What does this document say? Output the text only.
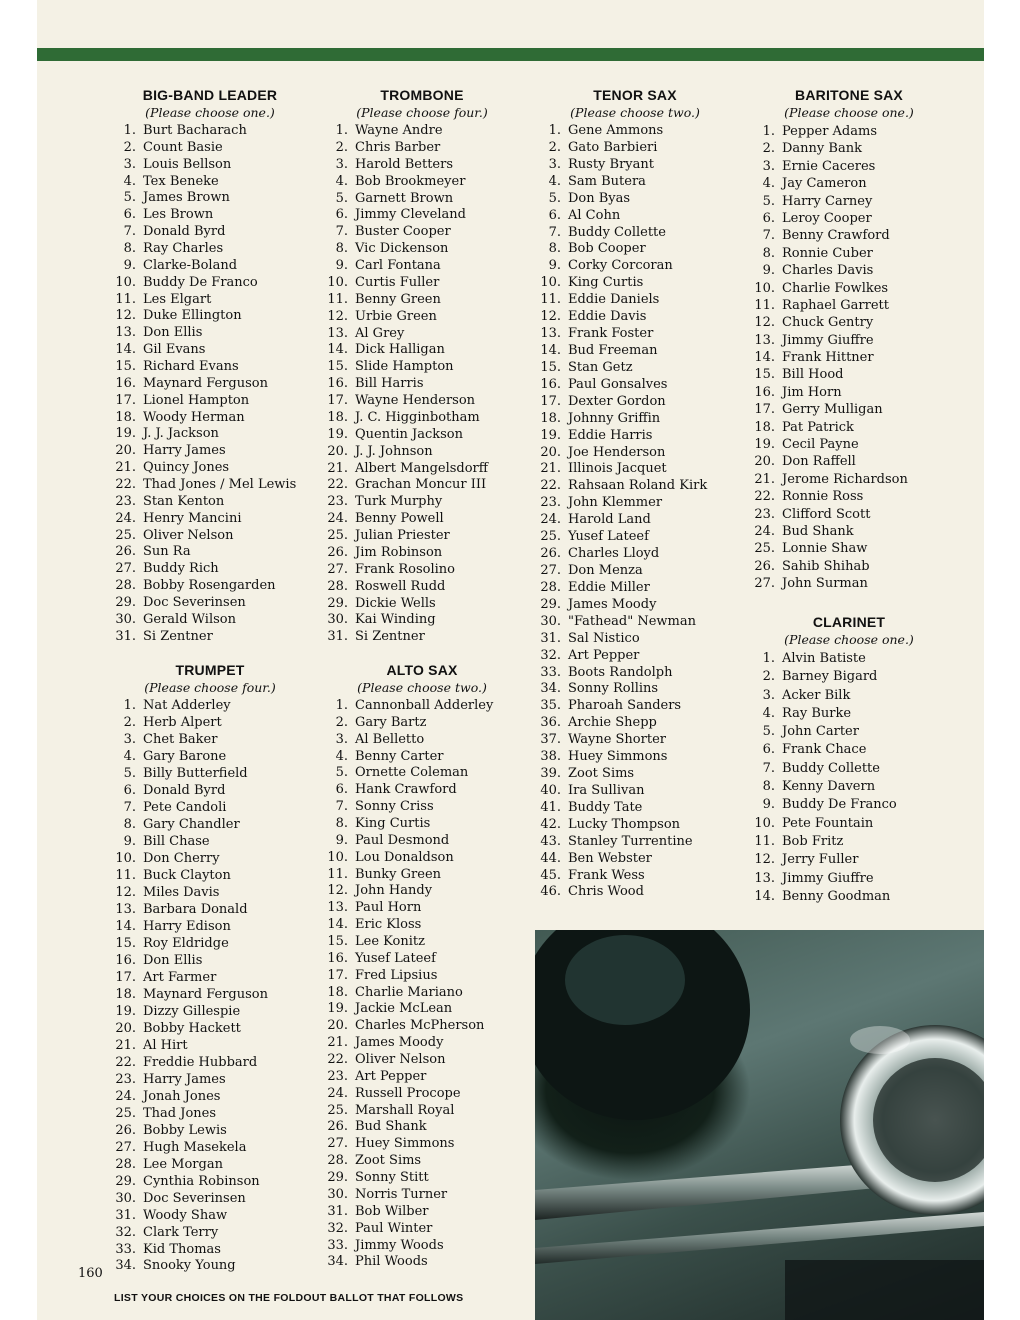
BIG-BAND LEADER
(Please choose one.)
1. Burt Bacharach
2. Count Basie
3. Louis Bellson
4. Tex Beneke
5. James Brown
6. Les Brown
7. Donald Byrd
8. Ray Charles
9. Clarke-Boland
10. Buddy De Franco
11. Les Elgart
12. Duke Ellington
13. Don Ellis
14. Gil Evans
15. Richard Evans
16. Maynard Ferguson
17. Lionel Hampton
18. Woody Herman
19. J. J. Jackson
20. Harry James
21. Quincy Jones
22. Thad Jones / Mel Lewis
23. Stan Kenton
24. Henry Mancini
25. Oliver Nelson
26. Sun Ra
27. Buddy Rich
28. Bobby Rosengarden
29. Doc Severinsen
30. Gerald Wilson
31. Si Zentner
TRUMPET
(Please choose four.)
1. Nat Adderley
2. Herb Alpert
3. Chet Baker
4. Gary Barone
5. Billy Butterfield
6. Donald Byrd
7. Pete Candoli
8. Gary Chandler
9. Bill Chase
10. Don Cherry
11. Buck Clayton
12. Miles Davis
13. Barbara Donald
14. Harry Edison
15. Roy Eldridge
16. Don Ellis
17. Art Farmer
18. Maynard Ferguson
19. Dizzy Gillespie
20. Bobby Hackett
21. Al Hirt
22. Freddie Hubbard
23. Harry James
24. Jonah Jones
25. Thad Jones
26. Bobby Lewis
27. Hugh Masekela
28. Lee Morgan
29. Cynthia Robinson
30. Doc Severinsen
31. Woody Shaw
32. Clark Terry
33. Kid Thomas
34. Snooky Young
TROMBONE
(Please choose four.)
1. Wayne Andre
2. Chris Barber
3. Harold Betters
4. Bob Brookmeyer
5. Garnett Brown
6. Jimmy Cleveland
7. Buster Cooper
8. Vic Dickenson
9. Carl Fontana
10. Curtis Fuller
11. Benny Green
12. Urbie Green
13. Al Grey
14. Dick Halligan
15. Slide Hampton
16. Bill Harris
17. Wayne Henderson
18. J. C. Higginbotham
19. Quentin Jackson
20. J. J. Johnson
21. Albert Mangelsdorff
22. Grachan Moncur III
23. Turk Murphy
24. Benny Powell
25. Julian Priester
26. Jim Robinson
27. Frank Rosolino
28. Roswell Rudd
29. Dickie Wells
30. Kai Winding
31. Si Zentner
ALTO SAX
(Please choose two.)
1. Cannonball Adderley
2. Gary Bartz
3. Al Belletto
4. Benny Carter
5. Ornette Coleman
6. Hank Crawford
7. Sonny Criss
8. King Curtis
9. Paul Desmond
10. Lou Donaldson
11. Bunky Green
12. John Handy
13. Paul Horn
14. Eric Kloss
15. Lee Konitz
16. Yusef Lateef
17. Fred Lipsius
18. Charlie Mariano
19. Jackie McLean
20. Charles McPherson
21. James Moody
22. Oliver Nelson
23. Art Pepper
24. Russell Procope
25. Marshall Royal
26. Bud Shank
27. Huey Simmons
28. Zoot Sims
29. Sonny Stitt
30. Norris Turner
31. Bob Wilber
32. Paul Winter
33. Jimmy Woods
34. Phil Woods
TENOR SAX
(Please choose two.)
1. Gene Ammons
2. Gato Barbieri
3. Rusty Bryant
4. Sam Butera
5. Don Byas
6. Al Cohn
7. Buddy Collette
8. Bob Cooper
9. Corky Corcoran
10. King Curtis
11. Eddie Daniels
12. Eddie Davis
13. Frank Foster
14. Bud Freeman
15. Stan Getz
16. Paul Gonsalves
17. Dexter Gordon
18. Johnny Griffin
19. Eddie Harris
20. Joe Henderson
21. Illinois Jacquet
22. Rahsaan Roland Kirk
23. John Klemmer
24. Harold Land
25. Yusef Lateef
26. Charles Lloyd
27. Don Menza
28. Eddie Miller
29. James Moody
30. "Fathead" Newman
31. Sal Nistico
32. Art Pepper
33. Boots Randolph
34. Sonny Rollins
35. Pharoah Sanders
36. Archie Shepp
37. Wayne Shorter
38. Huey Simmons
39. Zoot Sims
40. Ira Sullivan
41. Buddy Tate
42. Lucky Thompson
43. Stanley Turrentine
44. Ben Webster
45. Frank Wess
46. Chris Wood
BARITONE SAX
(Please choose one.)
1. Pepper Adams
2. Danny Bank
3. Ernie Caceres
4. Jay Cameron
5. Harry Carney
6. Leroy Cooper
7. Benny Crawford
8. Ronnie Cuber
9. Charles Davis
10. Charlie Fowlkes
11. Raphael Garrett
12. Chuck Gentry
13. Jimmy Giuffre
14. Frank Hittner
15. Bill Hood
16. Jim Horn
17. Gerry Mulligan
18. Pat Patrick
19. Cecil Payne
20. Don Raffell
21. Jerome Richardson
22. Ronnie Ross
23. Clifford Scott
24. Bud Shank
25. Lonnie Shaw
26. Sahib Shihab
27. John Surman
CLARINET
(Please choose one.)
1. Alvin Batiste
2. Barney Bigard
3. Acker Bilk
4. Ray Burke
5. John Carter
6. Frank Chace
7. Buddy Collette
8. Kenny Davern
9. Buddy De Franco
10. Pete Fountain
11. Bob Fritz
12. Jerry Fuller
13. Jimmy Giuffre
14. Benny Goodman
160
LIST YOUR CHOICES ON THE FOLDOUT BALLOT THAT FOLLOWS
